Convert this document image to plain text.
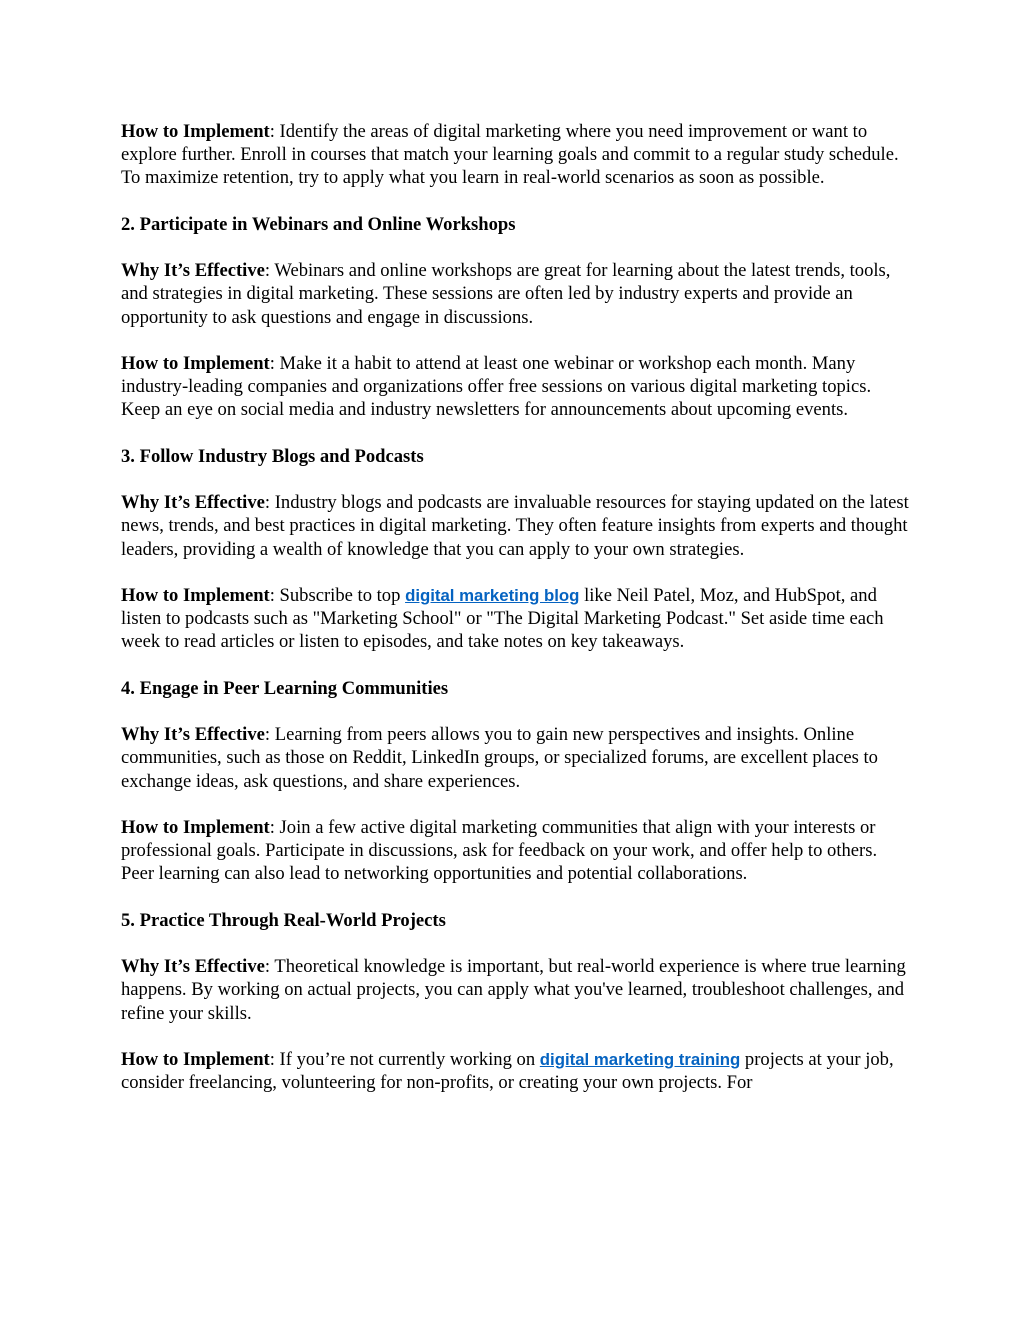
How to Implement: Identify the areas of digital marketing where you need improvement or want to explore further. Enroll in courses that match your learning goals and commit to a regular study schedule. To maximize retention, try to apply what you learn in real-world scenarios as soon as possible.

2. Participate in Webinars and Online Workshops

Why It’s Effective: Webinars and online workshops are great for learning about the latest trends, tools, and strategies in digital marketing. These sessions are often led by industry experts and provide an opportunity to ask questions and engage in discussions.

How to Implement: Make it a habit to attend at least one webinar or workshop each month. Many industry-leading companies and organizations offer free sessions on various digital marketing topics. Keep an eye on social media and industry newsletters for announcements about upcoming events.

3. Follow Industry Blogs and Podcasts

Why It’s Effective: Industry blogs and podcasts are invaluable resources for staying updated on the latest news, trends, and best practices in digital marketing. They often feature insights from experts and thought leaders, providing a wealth of knowledge that you can apply to your own strategies.

How to Implement: Subscribe to top digital marketing blog like Neil Patel, Moz, and HubSpot, and listen to podcasts such as "Marketing School" or "The Digital Marketing Podcast." Set aside time each week to read articles or listen to episodes, and take notes on key takeaways.

4. Engage in Peer Learning Communities

Why It’s Effective: Learning from peers allows you to gain new perspectives and insights. Online communities, such as those on Reddit, LinkedIn groups, or specialized forums, are excellent places to exchange ideas, ask questions, and share experiences.

How to Implement: Join a few active digital marketing communities that align with your interests or professional goals. Participate in discussions, ask for feedback on your work, and offer help to others. Peer learning can also lead to networking opportunities and potential collaborations.

5. Practice Through Real-World Projects

Why It’s Effective: Theoretical knowledge is important, but real-world experience is where true learning happens. By working on actual projects, you can apply what you've learned, troubleshoot challenges, and refine your skills.

How to Implement: If you’re not currently working on digital marketing training projects at your job, consider freelancing, volunteering for non-profits, or creating your own projects. For
